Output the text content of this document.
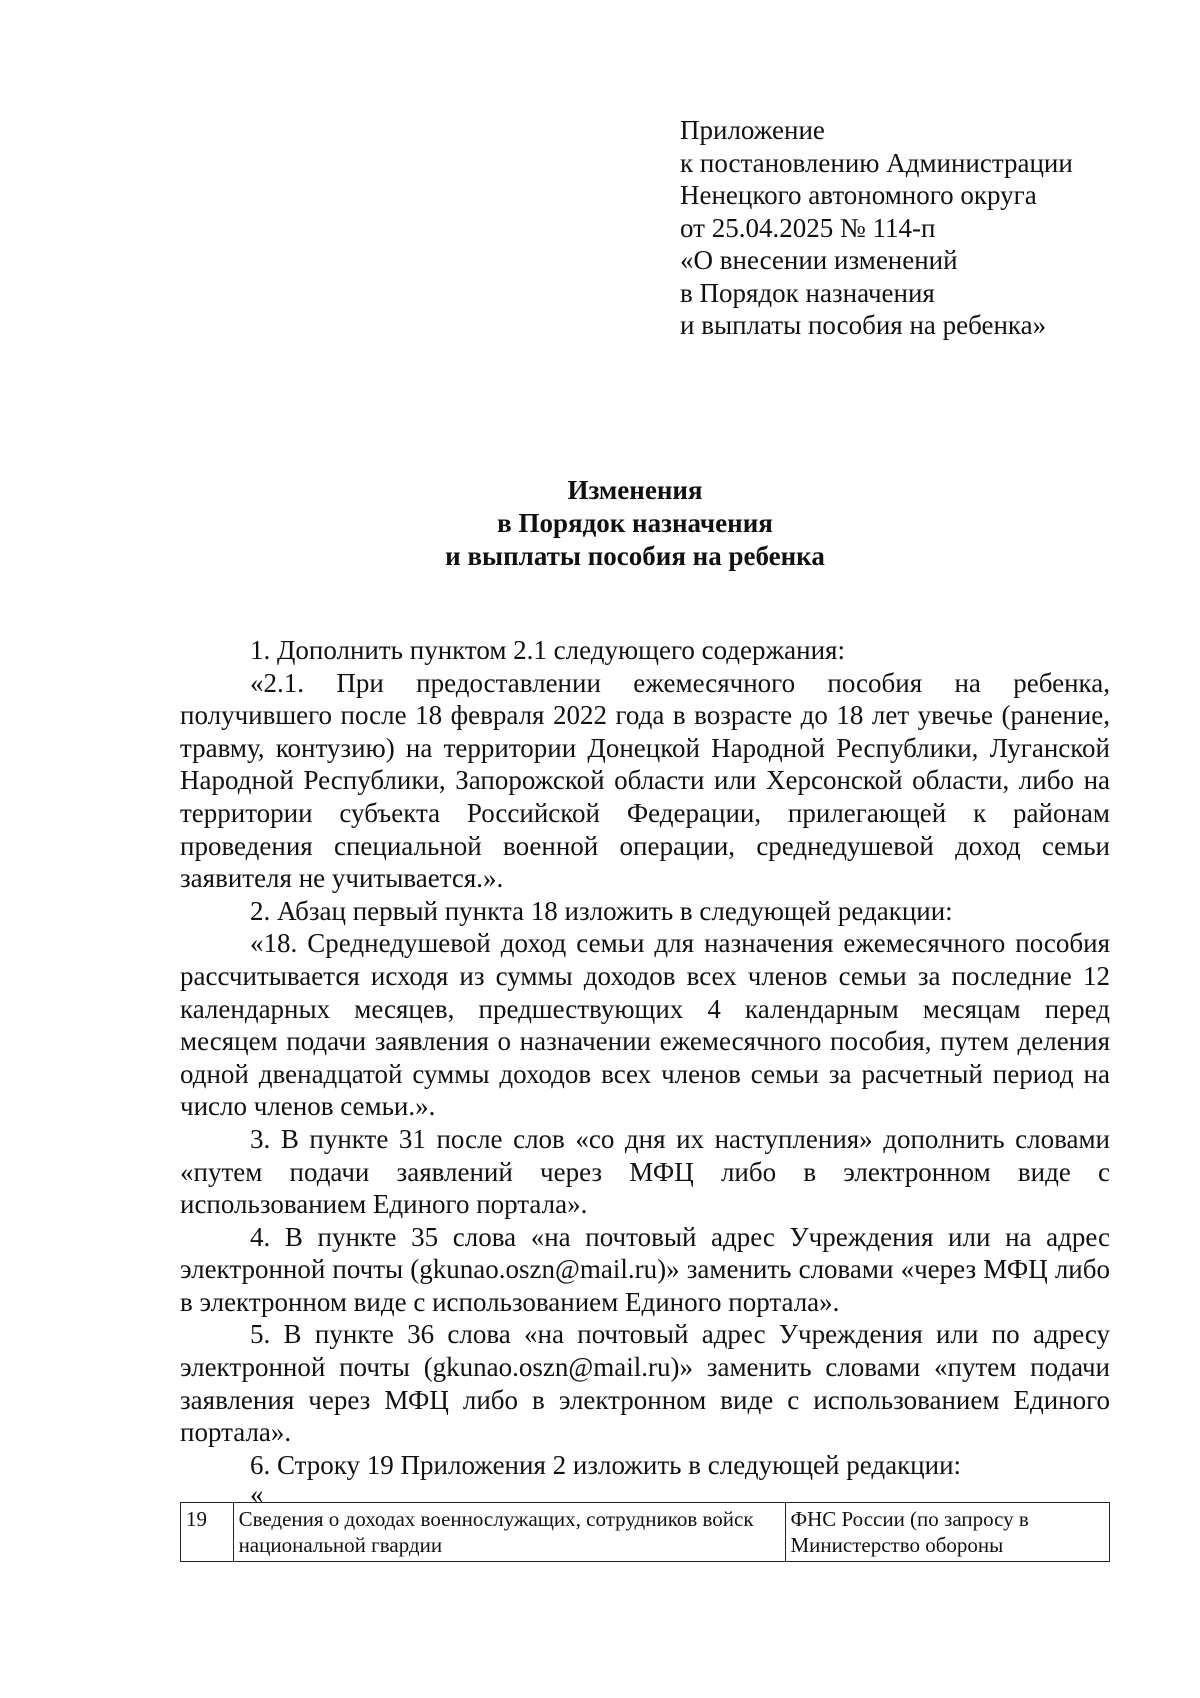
Приложение
к постановлению Администрации
Ненецкого автономного округа
от 25.04.2025 № 114-п
«О внесении изменений
в Порядок назначения
и выплаты пособия на ребенка»
Изменения
в Порядок назначения
и выплаты пособия на ребенка

1. Дополнить пунктом 2.1 следующего содержания:

«2.1. При предоставлении ежемесячного пособия на ребенка, получившего после 18 февраля 2022 года в возрасте до 18 лет увечье (ранение, травму, контузию) на территории Донецкой Народной Республики, Луганской Народной Республики, Запорожской области или Херсонской области, либо на территории субъекта Российской Федерации, прилегающей к районам проведения специальной военной операции, среднедушевой доход семьи заявителя не учитывается.».

2. Абзац первый пункта 18 изложить в следующей редакции:

«18. Среднедушевой доход семьи для назначения ежемесячного пособия рассчитывается исходя из суммы доходов всех членов семьи за последние 12 календарных месяцев, предшествующих 4 календарным месяцам перед месяцем подачи заявления о назначении ежемесячного пособия, путем деления одной двенадцатой суммы доходов всех членов семьи за расчетный период на число членов семьи.».

3. В пункте 31 после слов «со дня их наступления» дополнить словами «путем подачи заявлений через МФЦ либо в электронном виде с использованием Единого портала».

4. В пункте 35 слова «на почтовый адрес Учреждения или на адрес электронной почты (gkunao.oszn@mail.ru)» заменить словами «через МФЦ либо в электронном виде с использованием Единого портала».

5. В пункте 36 слова «на почтовый адрес Учреждения или по адресу электронной почты (gkunao.oszn@mail.ru)» заменить словами «путем подачи заявления через МФЦ либо в электронном виде с использованием Единого портала».

6. Строку 19 Приложения 2 изложить в следующей редакции:

«
19	Сведения о доходах военнослужащих, сотрудников войск национальной гвардии	ФНС России (по запросу в Министерство обороны
